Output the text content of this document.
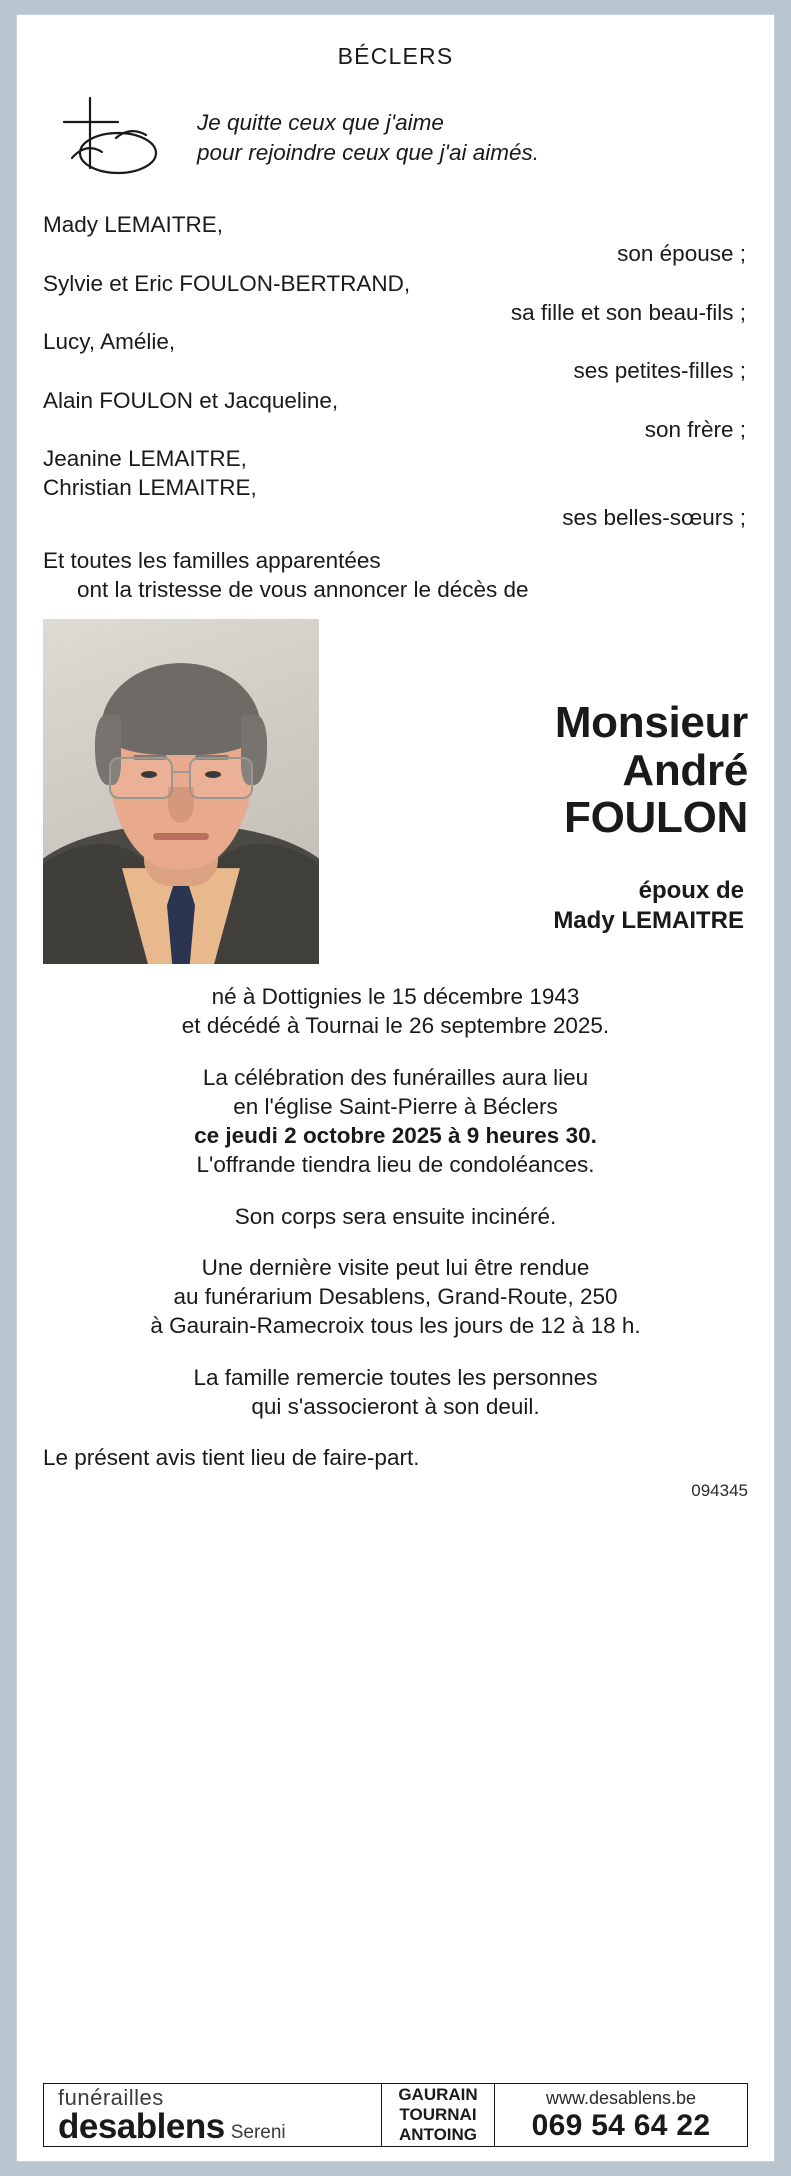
BÉCLERS
Je quitte ceux que j'aime
pour rejoindre ceux que j'ai aimés.
Mady LEMAITRE,
son épouse ;
Sylvie et Eric FOULON-BERTRAND,
sa fille et son beau-fils ;
Lucy, Amélie,
ses petites-filles ;
Alain FOULON et Jacqueline,
son frère ;
Jeanine LEMAITRE,
Christian LEMAITRE,
ses belles-sœurs ;
Et toutes les familles apparentées
ont la tristesse de vous annoncer le décès de
Monsieur
André
FOULON
époux de
Mady LEMAITRE

né à Dottignies le 15 décembre 1943

et décédé à Tournai le 26 septembre 2025.

La célébration des funérailles aura lieu

en l'église Saint-Pierre à Béclers

ce jeudi 2 octobre 2025 à 9 heures 30.

L'offrande tiendra lieu de condoléances.

Son corps sera ensuite incinéré.

Une dernière visite peut lui être rendue

au funérarium Desablens, Grand-Route, 250

à Gaurain-Ramecroix tous les jours de 12 à 18 h.

La famille remercie toutes les personnes

qui s'associeront à son deuil.

Le présent avis tient lieu de faire-part.
094345
funérailles
desablens Sereni
GAURAIN
TOURNAI
ANTOING
www.desablens.be
069 54 64 22
